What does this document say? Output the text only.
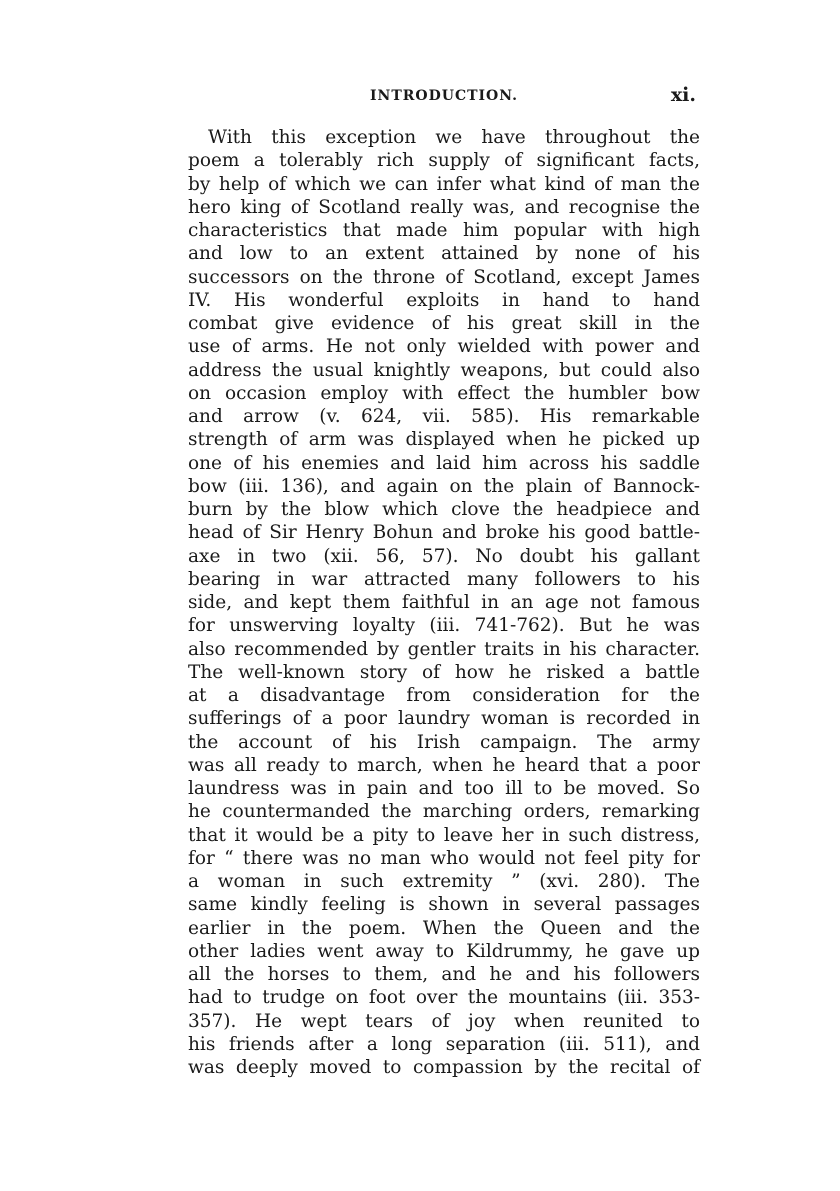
INTRODUCTION.	xi.
With this exception we have throughout the
poem a tolerably rich supply of significant facts,
by help of which we can infer what kind of man the
hero king of Scotland really was, and recognise the
characteristics that made him popular with high
and low to an extent attained by none of his
successors on the throne of Scotland, except James
IV. His wonderful exploits in hand to hand
combat give evidence of his great skill in the
use of arms. He not only wielded with power and
address the usual knightly weapons, but could also
on occasion employ with effect the humbler bow
and arrow (v. 624, vii. 585). His remarkable
strength of arm was displayed when he picked up
one of his enemies and laid him across his saddle
bow (iii. 136), and again on the plain of Bannock-
burn by the blow which clove the headpiece and
head of Sir Henry Bohun and broke his good battle-
axe in two (xii. 56, 57). No doubt his gallant
bearing in war attracted many followers to his
side, and kept them faithful in an age not famous
for unswerving loyalty (iii. 741-762). But he was
also recommended by gentler traits in his character.
The well-known story of how he risked a battle
at a disadvantage from consideration for the
sufferings of a poor laundry woman is recorded in
the account of his Irish campaign. The army
was all ready to march, when he heard that a poor
laundress was in pain and too ill to be moved. So
he countermanded the marching orders, remarking
that it would be a pity to leave her in such distress,
for “ there was no man who would not feel pity for
a woman in such extremity ” (xvi. 280). The
same kindly feeling is shown in several passages
earlier in the poem. When the Queen and the
other ladies went away to Kildrummy, he gave up
all the horses to them, and he and his followers
had to trudge on foot over the mountains (iii. 353-
357). He wept tears of joy when reunited to
his friends after a long separation (iii. 511), and
was deeply moved to compassion by the recital of
